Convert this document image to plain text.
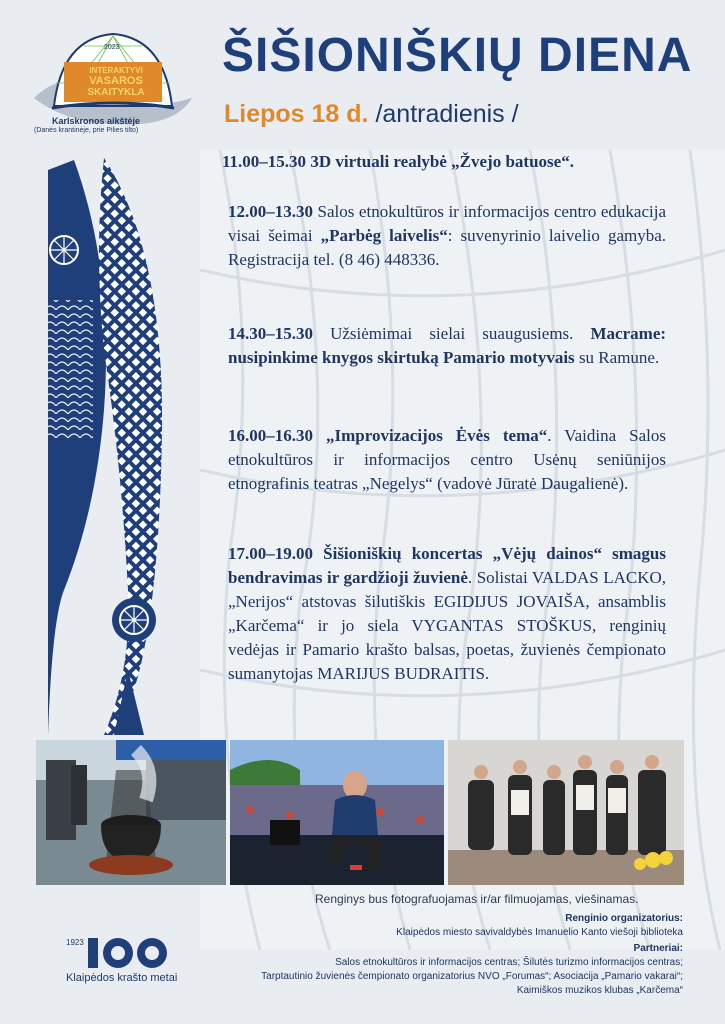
2023
INTERAKTYVI
VASAROS
SKAITYKLA
Karlskronos aikštėje
(Danės krantinėje, prie Pilies tilto)
ŠIŠIONIŠKIŲ DIENA
Liepos 18 d. /antradienis /
11.00–15.30 3D virtuali realybė „Žvejo batuose“.
12.00–13.30 Salos etnokultūros ir informacijos centro edukacija visai šeimai „Parbėg laivelis“: suvenyrinio laivelio gamyba. Registracija tel. (8 46) 448336.
14.30–15.30 Užsiėmimai sielai suaugusiems. Macrame: nusipinkime knygos skirtuką Pamario motyvais su Ramune.
16.00–16.30 „Improvizacijos Ėvės tema“. Vaidina Salos etnokultūros ir informacijos centro Usėnų seniūnijos etnografinis teatras „Negelys“ (vadovė Jūratė Daugalienė).
17.00–19.00 Šišioniškių koncertas „Vėjų dainos“ smagus bendravimas ir gardžioji žuvienė. Solistai VALDAS LACKO, „Nerijos“ atstovas šilutiškis EGIDIJUS JOVAIŠA, ansamblis „Karčema“ ir jo siela VYGANTAS STOŠKUS, renginių vedėjas ir Pamario krašto balsas, poetas, žuvienės čempionato sumanytojas MARIJUS BUDRAITIS.
Renginys bus fotografuojamas ir/ar filmuojamas, viešinamas.
Renginio organizatorius:
Klaipėdos miesto savivaldybės Imanuelio Kanto viešoji biblioteka
Partneriai:
Salos etnokultūros ir informacijos centras; Šilutės turizmo informacijos centras;
Tarptautinio žuvienės čempionato organizatorius NVO „Forumas“; Asociacija „Pamario vakarai“;
Kaimiškos muzikos klubas „Karčema“
1923
Klaipėdos krašto metai
